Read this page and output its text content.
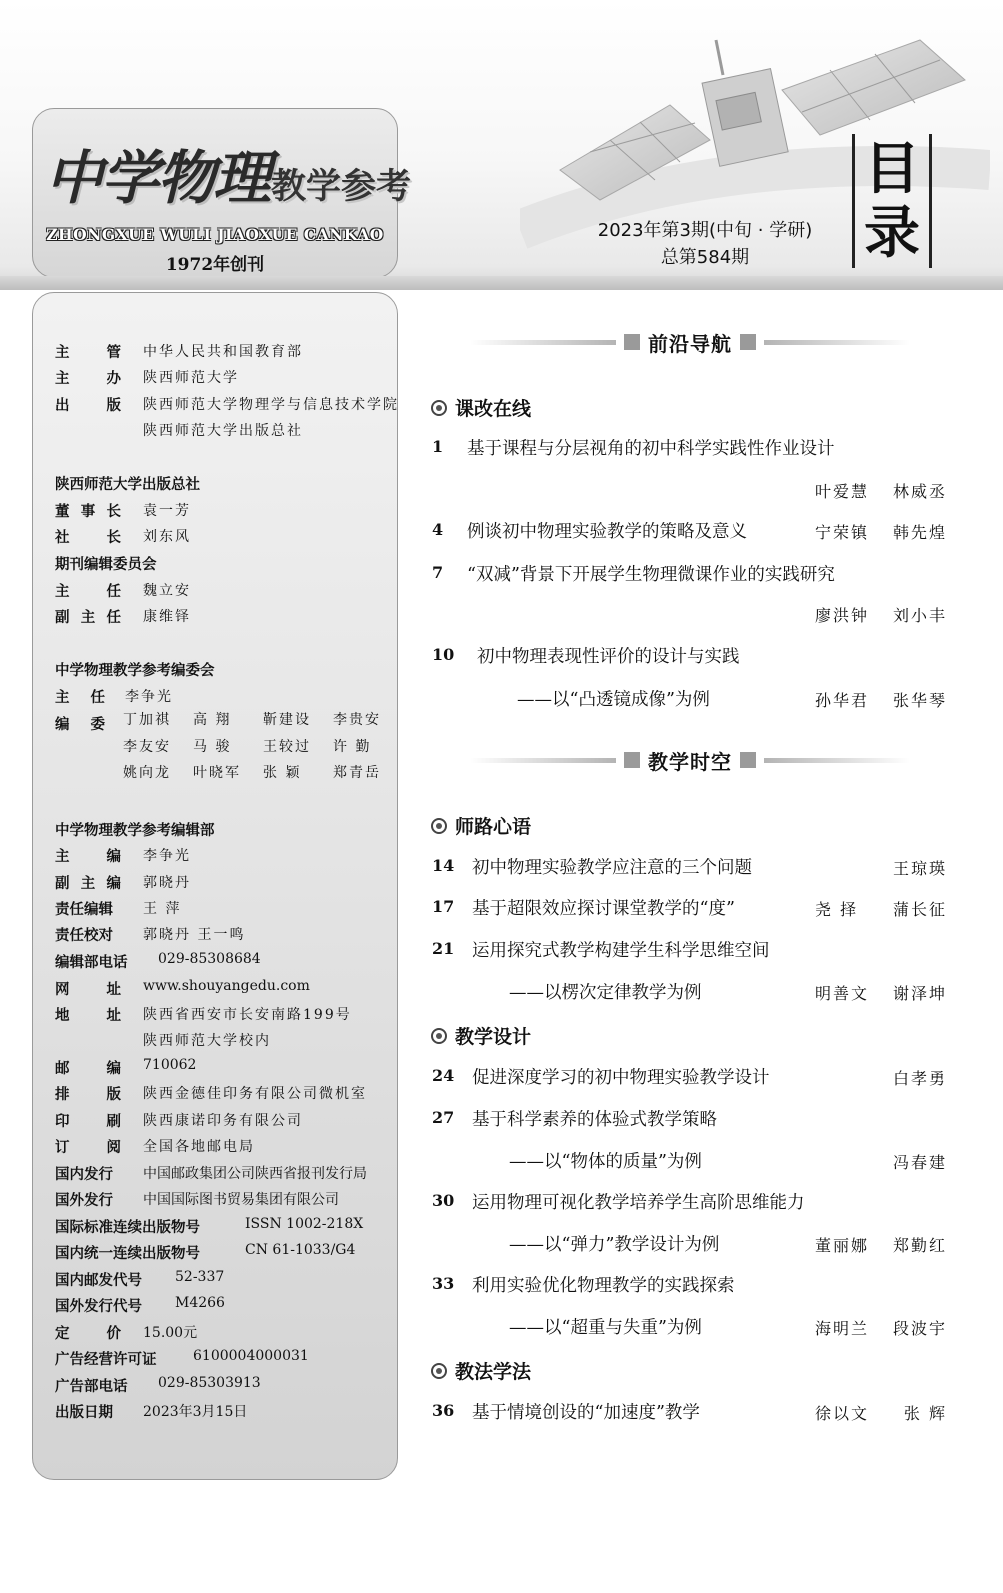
中学物理教学参考
ZHONGXUE WULI JIAOXUE CANKAO
1972年创刊
2023年第3期(中旬 · 学研)
总第584期
目录
主	管 中华人民共和国教育部
主	办 陕西师范大学
出	版 陕西师范大学物理学与信息技术学院
陕西师范大学出版总社
陕西师范大学出版总社
董 事 长 袁一芳
社	长 刘东风
期刊编辑委员会
主	任 魏立安
副 主 任 康维铎
中学物理教学参考编委会
主 任 李争光
编 委 丁加祺	高 翔	靳建设	李贵安
李友安	马 骏	王较过	许 勤
姚向龙	叶晓军	张 颖	郑青岳
中学物理教学参考编辑部
主	编 李争光
副 主 编 郭晓丹
责任编辑 王 萍
责任校对 郭晓丹 王一鸣
编辑部电话 029-85308684
网	址 www.shouyangedu.com
地	址 陕西省西安市长安南路199号
陕西师范大学校内
邮	编 710062
排	版 陕西金德佳印务有限公司微机室
印	刷 陕西康诺印务有限公司
订	阅 全国各地邮电局
国内发行 中国邮政集团公司陕西省报刊发行局
国外发行 中国国际图书贸易集团有限公司
国际标准连续出版物号	ISSN 1002-218X
国内统一连续出版物号	CN 61-1033/G4
国内邮发代号 52-337
国外发行代号 M4266
定	价 15.00元
广告经营许可证	6100004000031
广告部电话 029-85303913
出版日期 2023年3月15日
前沿导航
课改在线
1 基于课程与分层视角的初中科学实践性作业设计
叶爱慧 林威丞
4 例谈初中物理实验教学的策略及意义	宁荣镇 韩先煌
7 “双减”背景下开展学生物理微课作业的实践研究
廖洪钟 刘小丰
10 初中物理表现性评价的设计与实践
——以“凸透镜成像”为例	孙华君 张华琴
教学时空
师路心语
14 初中物理实验教学应注意的三个问题	王琼瑛
17 基于超限效应探讨课堂教学的“度”	尧 择 蒲长征
21 运用探究式教学构建学生科学思维空间
——以楞次定律教学为例	明善文 谢泽坤
教学设计
24 促进深度学习的初中物理实验教学设计	白孝勇
27 基于科学素养的体验式教学策略
——以“物体的质量”为例	冯春建
30 运用物理可视化教学培养学生高阶思维能力
——以“弹力”教学设计为例	董丽娜 郑勤红
33 利用实验优化物理教学的实践探索
——以“超重与失重”为例	海明兰 段波宇
教法学法
36 基于情境创设的“加速度”教学	徐以文 张 辉
